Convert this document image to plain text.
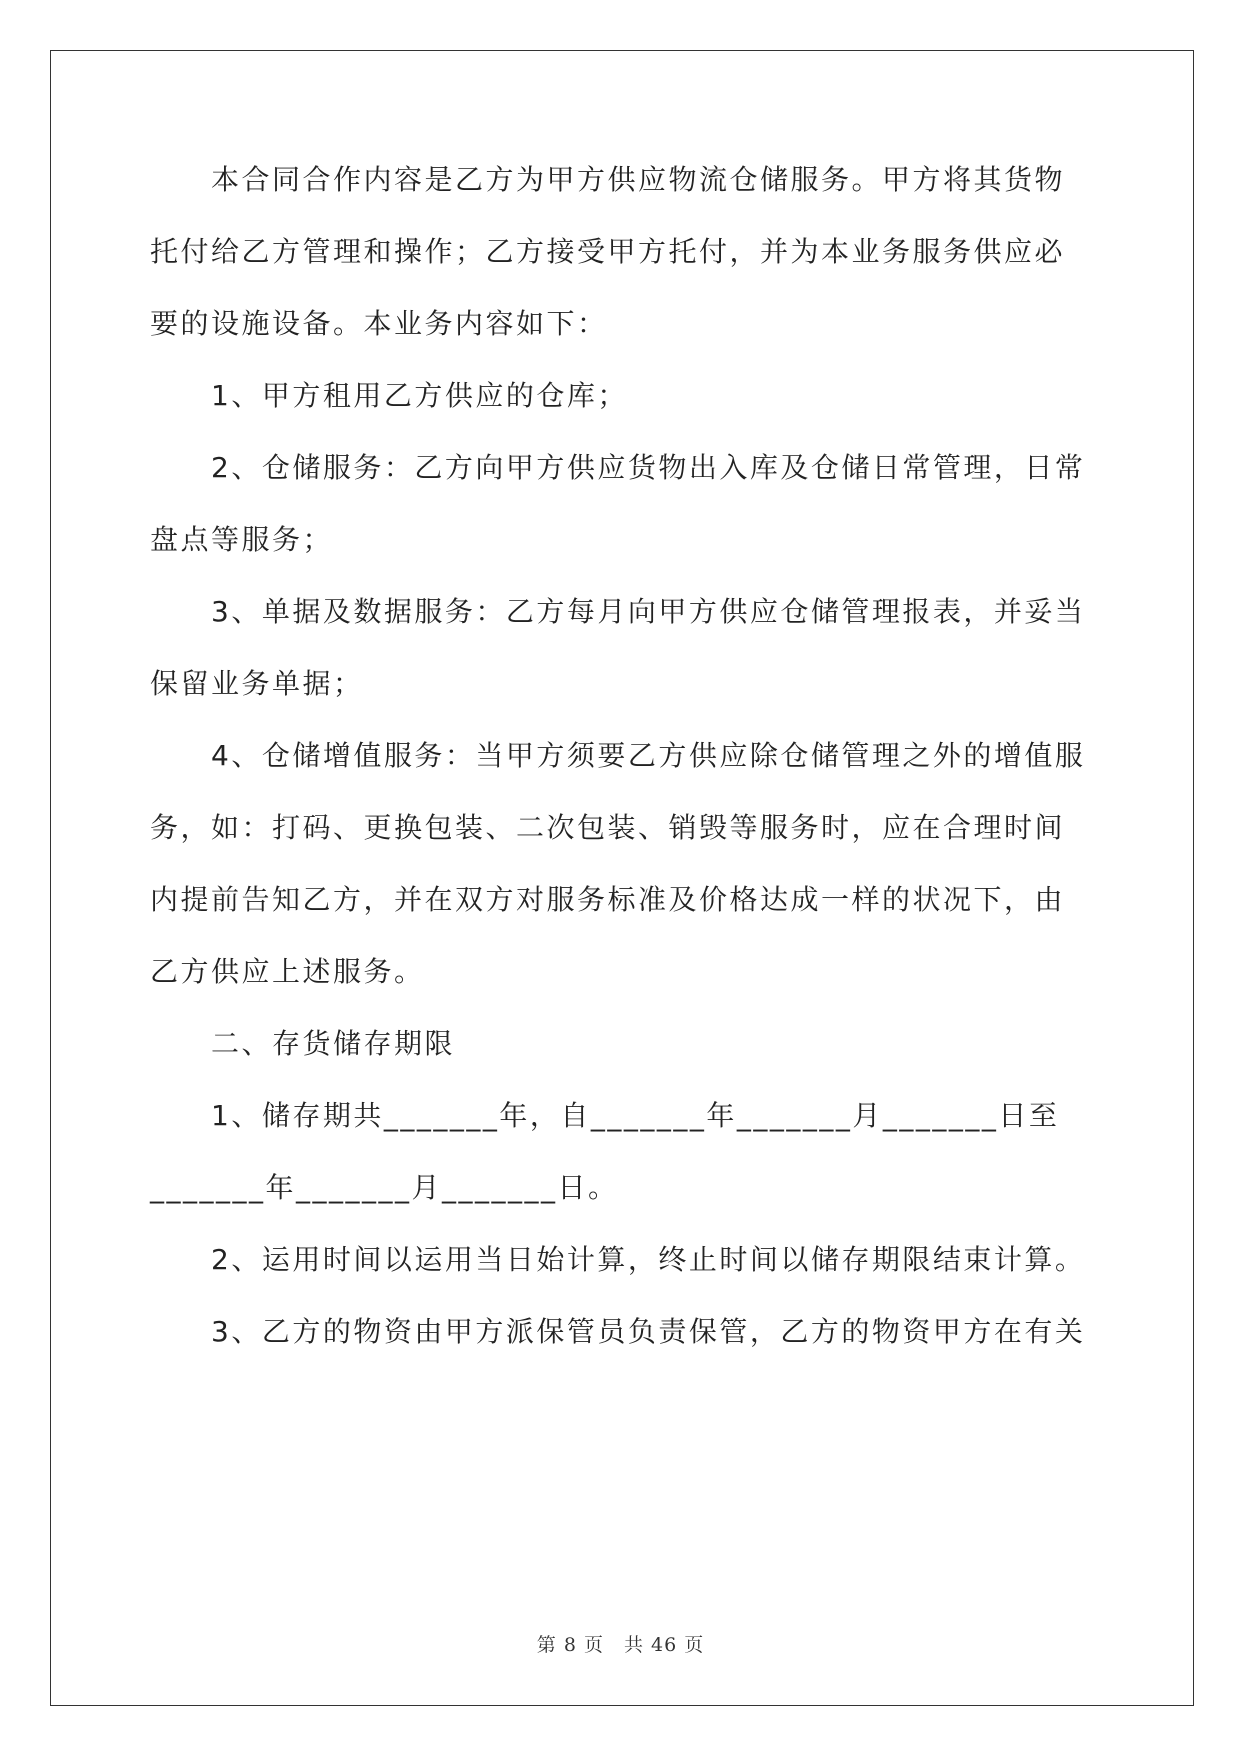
　　本合同合作内容是乙方为甲方供应物流仓储服务。甲方将其货物
托付给乙方管理和操作；乙方接受甲方托付，并为本业务服务供应必
要的设施设备。本业务内容如下：
　　1、甲方租用乙方供应的仓库；
　　2、仓储服务：乙方向甲方供应货物出入库及仓储日常管理，日常
盘点等服务；
　　3、单据及数据服务：乙方每月向甲方供应仓储管理报表，并妥当
保留业务单据；
　　4、仓储增值服务：当甲方须要乙方供应除仓储管理之外的增值服
务，如：打码、更换包装、二次包装、销毁等服务时，应在合理时间
内提前告知乙方，并在双方对服务标准及价格达成一样的状况下，由
乙方供应上述服务。
　　二、存货储存期限
　　1、储存期共_______年，自_______年_______月_______日至
_______年_______月_______日。
　　2、运用时间以运用当日始计算，终止时间以储存期限结束计算。
　　3、乙方的物资由甲方派保管员负责保管，乙方的物资甲方在有关
第 8 页　共 46 页
